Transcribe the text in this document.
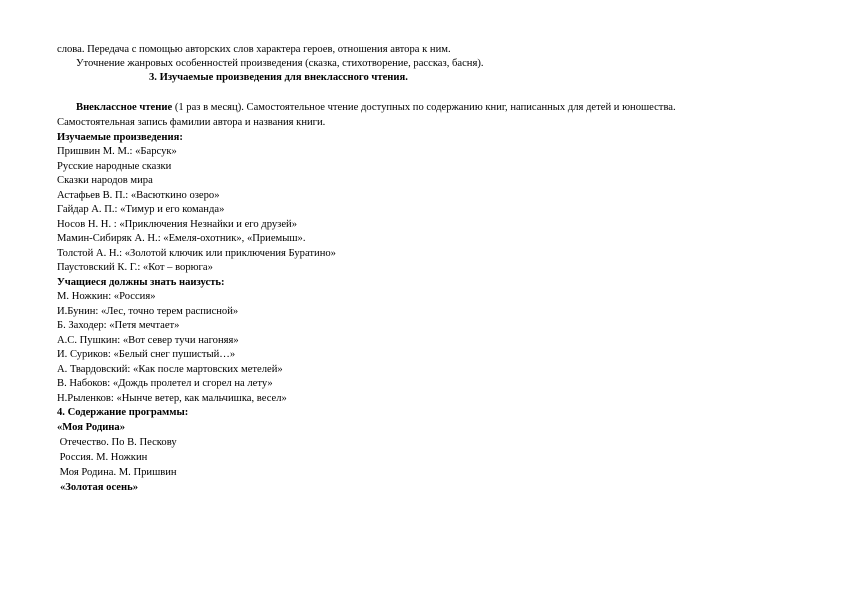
слова. Передача с помощью авторских слов характера героев, отношения автора к ним.

Уточнение жанровых особенностей произведения (сказка, стихотворение, рассказ, басня).

3. Изучаемые произведения для внеклассного чтения.

Внеклассное чтение (1 раз в месяц). Самостоятельное чтение доступных по содержанию книг, написанных для детей и юношества.

Самостоятельная запись фамилии автора и названия книги.

Изучаемые произведения:

Пришвин М. М.: «Барсук»

Русские народные сказки

Сказки народов мира

Астафьев В. П.: «Васюткино озеро»

Гайдар А. П.: «Тимур и его команда»

Носов Н. Н. : «Приключения Незнайки и его друзей»

Мамин-Сибиряк А. Н.: «Емеля-охотник», «Приемыш».

Толстой А. Н.: «Золотой ключик или приключения Буратино»

Паустовский К. Г.: «Кот – ворюга»

Учащиеся должны знать наизусть:

М. Ножкин: «Россия»

И.Бунин: «Лес, точно терем расписной»

Б. Заходер: «Петя мечтает»

А.С. Пушкин: «Вот север тучи нагоняя»

И. Суриков: «Белый снег пушистый…»

А. Твардовский: «Как после мартовских метелей»

В. Набоков: «Дождь пролетел и сгорел на лету»

Н.Рыленков: «Нынче ветер, как мальчишка, весел»

4. Содержание программы:

«Моя Родина»

Отечество. По В. Пескову

Россия. М. Ножкин

Моя Родина. М. Пришвин

«Золотая осень»
